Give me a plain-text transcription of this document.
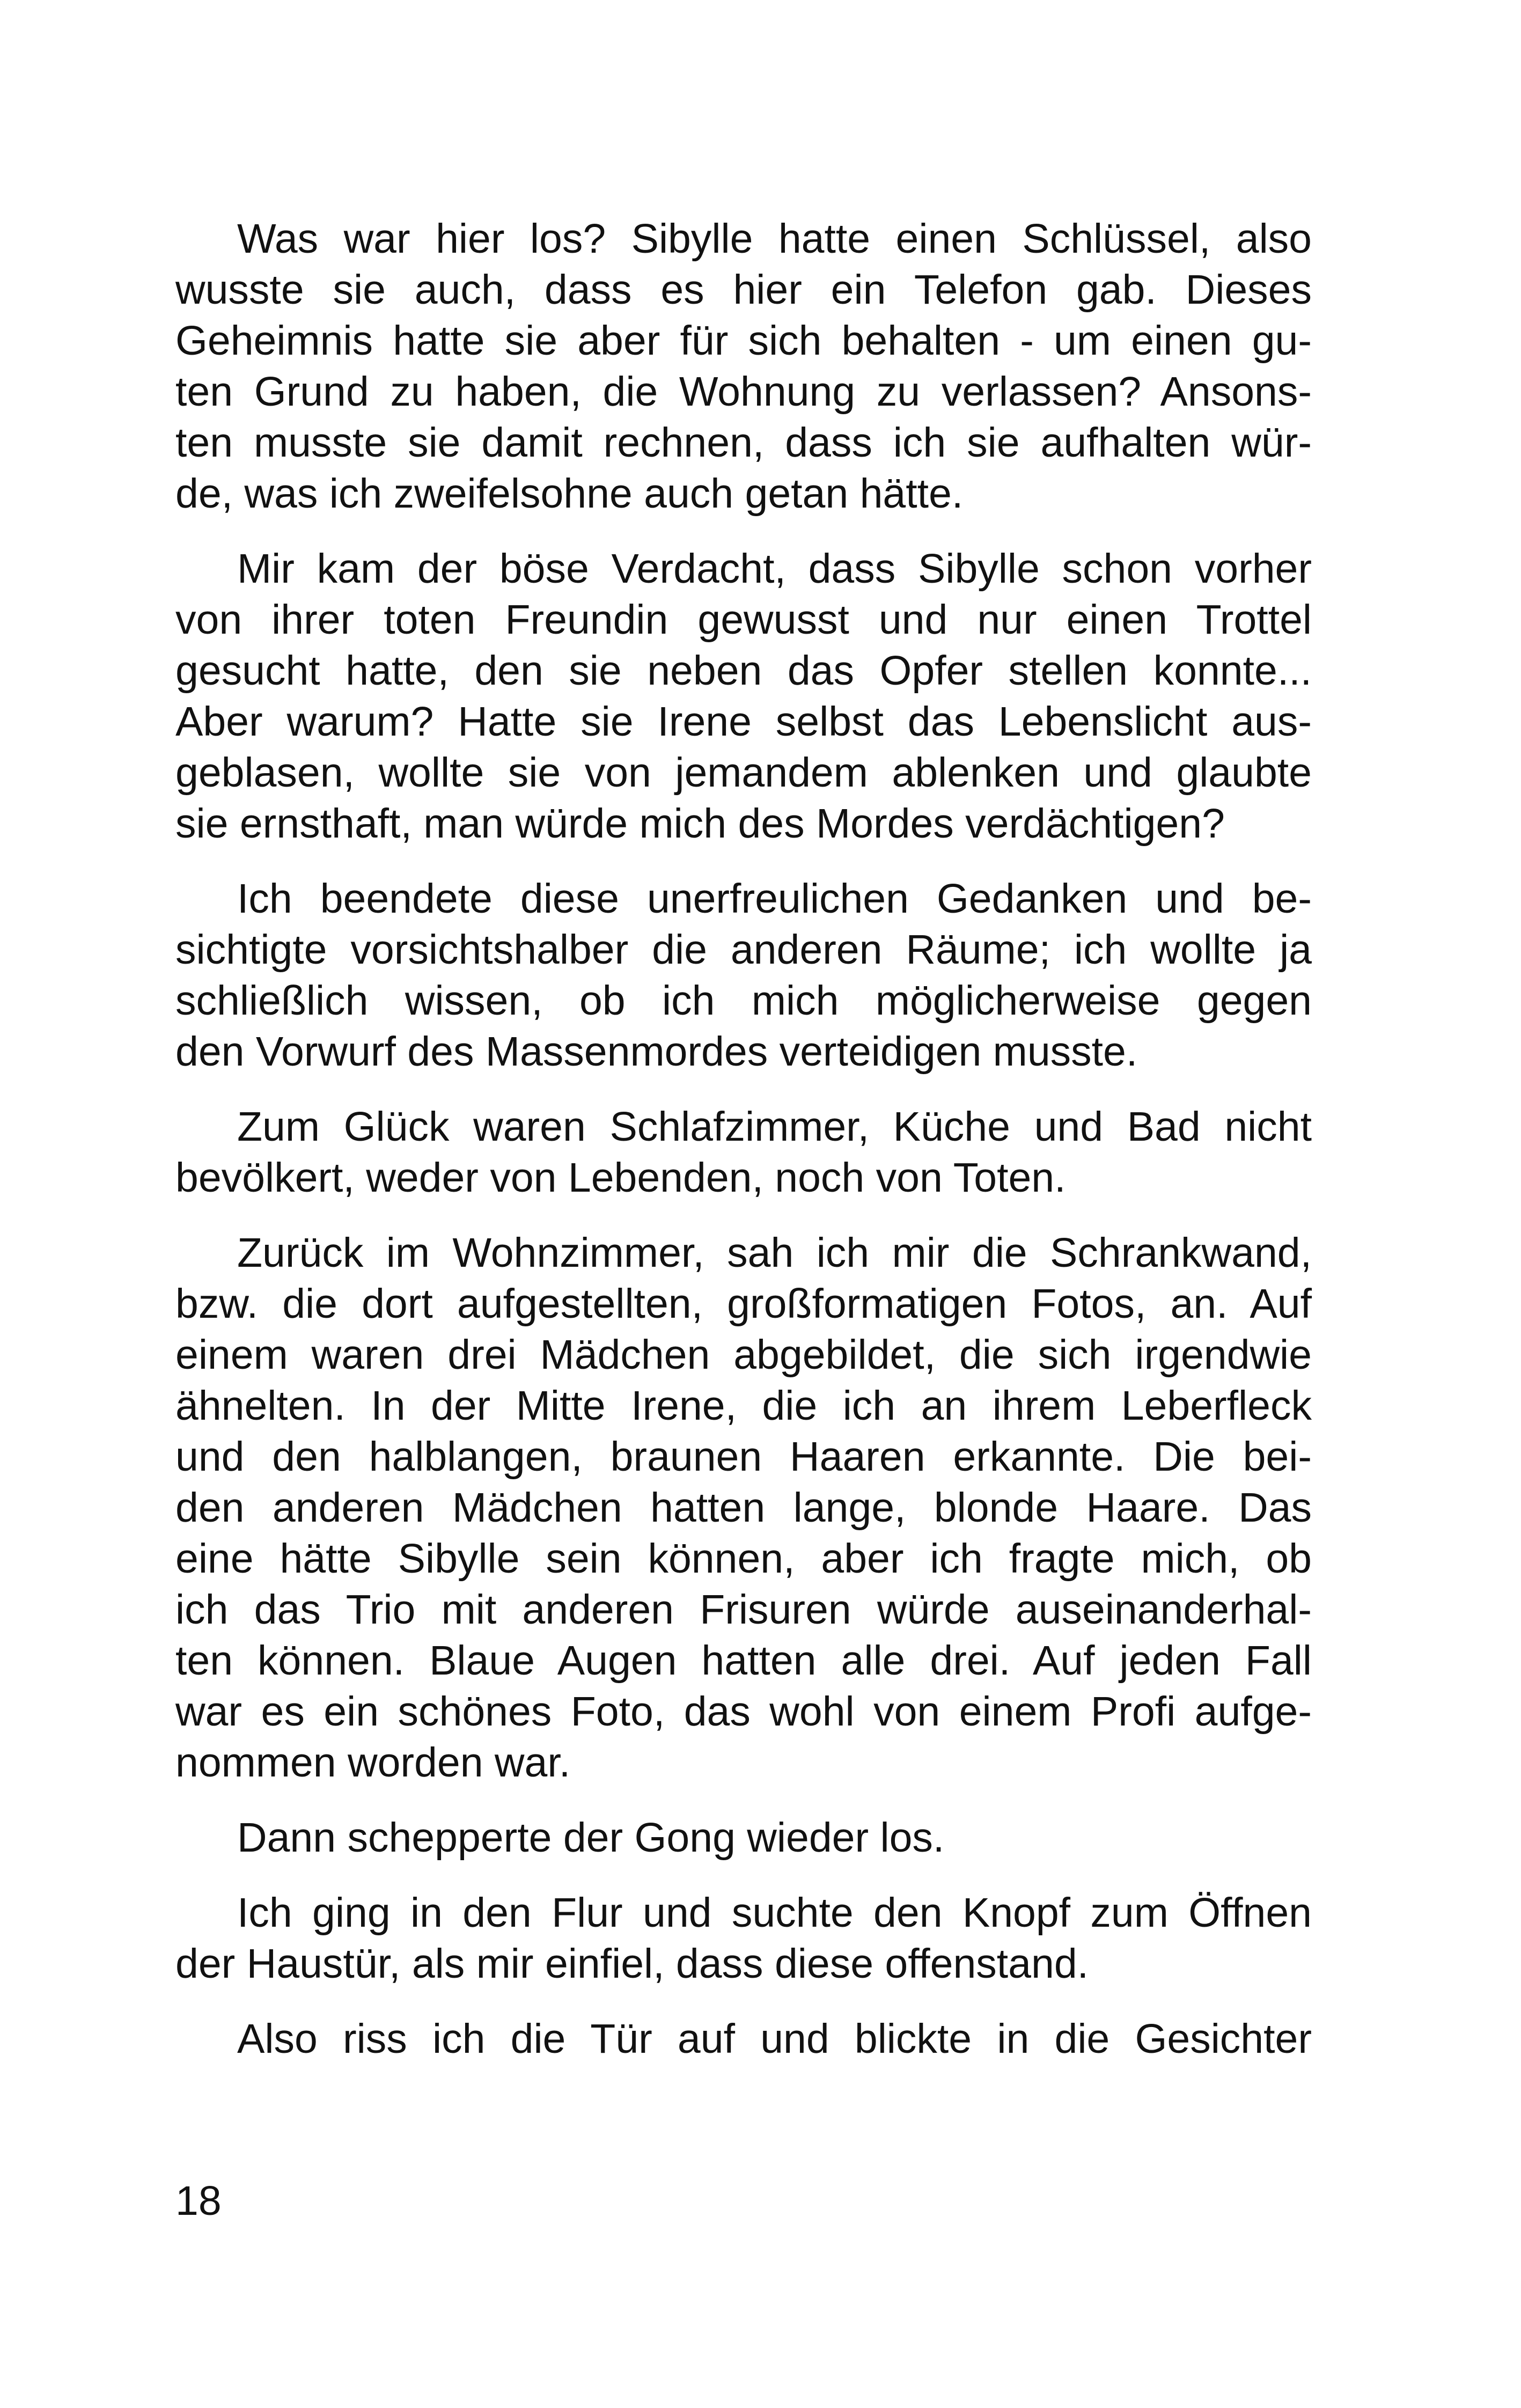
Was war hier los? Sibylle hatte einen Schlüssel, also
wusste sie auch, dass es hier ein Telefon gab. Dieses
Geheimnis hatte sie aber für sich behalten - um einen gu-
ten Grund zu haben, die Wohnung zu verlassen? Ansons-
ten musste sie damit rechnen, dass ich sie aufhalten wür-
de, was ich zweifelsohne auch getan hätte.

Mir kam der böse Verdacht, dass Sibylle schon vorher
von ihrer toten Freundin gewusst und nur einen Trottel
gesucht hatte, den sie neben das Opfer stellen konnte...
Aber warum? Hatte sie Irene selbst das Lebenslicht aus-
geblasen, wollte sie von jemandem ablenken und glaubte
sie ernsthaft, man würde mich des Mordes verdächtigen?

Ich beendete diese unerfreulichen Gedanken und be-
sichtigte vorsichtshalber die anderen Räume; ich wollte ja
schließlich wissen, ob ich mich möglicherweise gegen
den Vorwurf des Massenmordes verteidigen musste.

Zum Glück waren Schlafzimmer, Küche und Bad nicht
bevölkert, weder von Lebenden, noch von Toten.

Zurück im Wohnzimmer, sah ich mir die Schrankwand,
bzw. die dort aufgestellten, großformatigen Fotos, an. Auf
einem waren drei Mädchen abgebildet, die sich irgendwie
ähnelten. In der Mitte Irene, die ich an ihrem Leberfleck
und den halblangen, braunen Haaren erkannte. Die bei-
den anderen Mädchen hatten lange, blonde Haare. Das
eine hätte Sibylle sein können, aber ich fragte mich, ob
ich das Trio mit anderen Frisuren würde auseinanderhal-
ten können. Blaue Augen hatten alle drei. Auf jeden Fall
war es ein schönes Foto, das wohl von einem Profi aufge-
nommen worden war.

Dann schepperte der Gong wieder los.

Ich ging in den Flur und suchte den Knopf zum Öffnen
der Haustür, als mir einfiel, dass diese offenstand.

Also riss ich die Tür auf und blickte in die Gesichter

18
